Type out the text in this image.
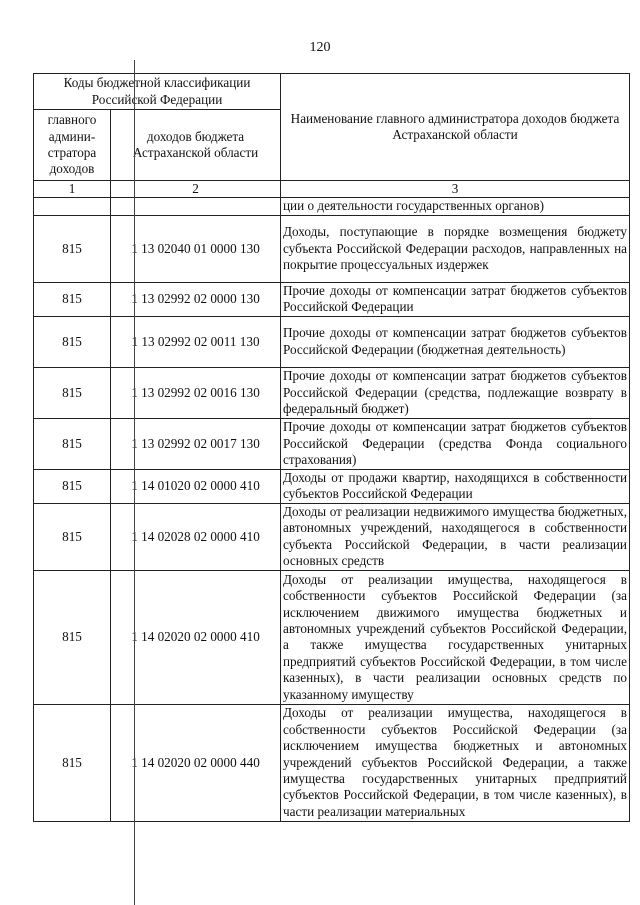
120
Коды бюджетной классификации Российской Федерации		Наименование главного администратора доходов бюджета Астраханской области
главного админи-стратора доходов	доходов бюджета Астраханской области	
1	2	3
		ции о деятельности государственных органов)
815	1 13 02040 01 0000 130	Доходы, поступающие в порядке возмещения бюджету субъекта Российской Федерации расходов, направленных на покрытие процессуальных издержек
815	1 13 02992 02 0000 130	Прочие доходы от компенсации затрат бюджетов субъектов Российской Федерации
815	1 13 02992 02 0011 130	Прочие доходы от компенсации затрат бюджетов субъектов Российской Федерации (бюджетная деятельность)
815	1 13 02992 02 0016 130	Прочие доходы от компенсации затрат бюджетов субъектов Российской Федерации (средства, подлежащие возврату в федеральный бюджет)
815	1 13 02992 02 0017 130	Прочие доходы от компенсации затрат бюджетов субъектов Российской Федерации (средства Фонда социального страхования)
815	1 14 01020 02 0000 410	Доходы от продажи квартир, находящихся в собственности субъектов Российской Федерации
815	1 14 02028 02 0000 410	Доходы от реализации недвижимого имущества бюджетных, автономных учреждений, находящегося в собственности субъекта Российской Федерации, в части реализации основных средств
815	1 14 02020 02 0000 410	Доходы от реализации имущества, находящегося в собственности субъектов Российской Федерации (за исключением движимого имущества бюджетных и автономных учреждений субъектов Российской Федерации, а также имущества государственных унитарных предприятий субъектов Российской Федерации, в том числе казенных), в части реализации основных средств по указанному имуществу
815	1 14 02020 02 0000 440	Доходы от реализации имущества, находящегося в собственности субъектов Российской Федерации (за исключением имущества бюджетных и автономных учреждений субъектов Российской Федерации, а также имущества государственных унитарных предприятий субъектов Российской Федерации, в том числе казенных), в части реализации материальных
